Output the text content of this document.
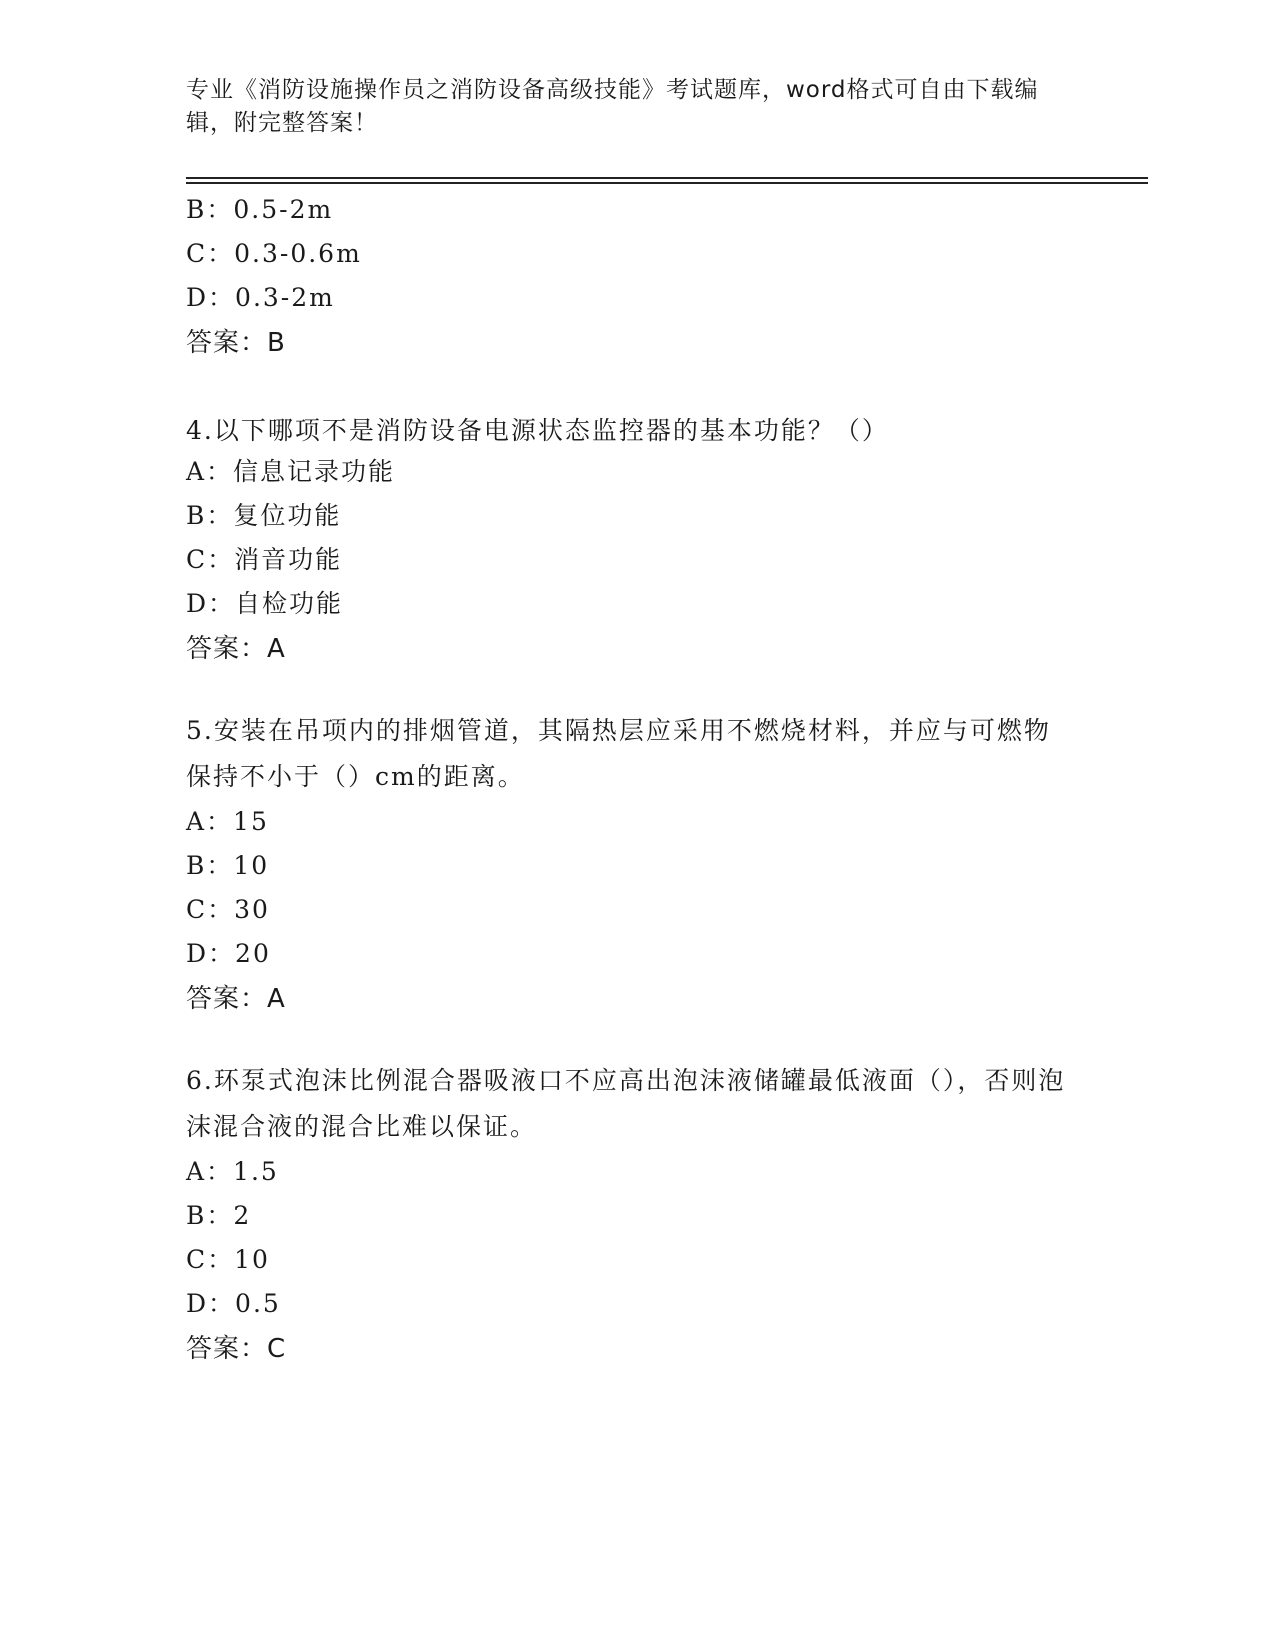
专业《消防设施操作员之消防设备高级技能》考试题库，word格式可自由下载编辑，附完整答案！
B：0.5-2m
C：0.3-0.6m
D：0.3-2m
答案：B
4.以下哪项不是消防设备电源状态监控器的基本功能？（）
A：信息记录功能
B：复位功能
C：消音功能
D：自检功能
答案：A
5.安装在吊项内的排烟管道，其隔热层应采用不燃烧材料，并应与可燃物保持不小于（）cm的距离。
A：15
B：10
C：30
D：20
答案：A
6.环泵式泡沫比例混合器吸液口不应高出泡沫液储罐最低液面（），否则泡沫混合液的混合比难以保证。
A：1.5
B：2
C：10
D：0.5
答案：C
